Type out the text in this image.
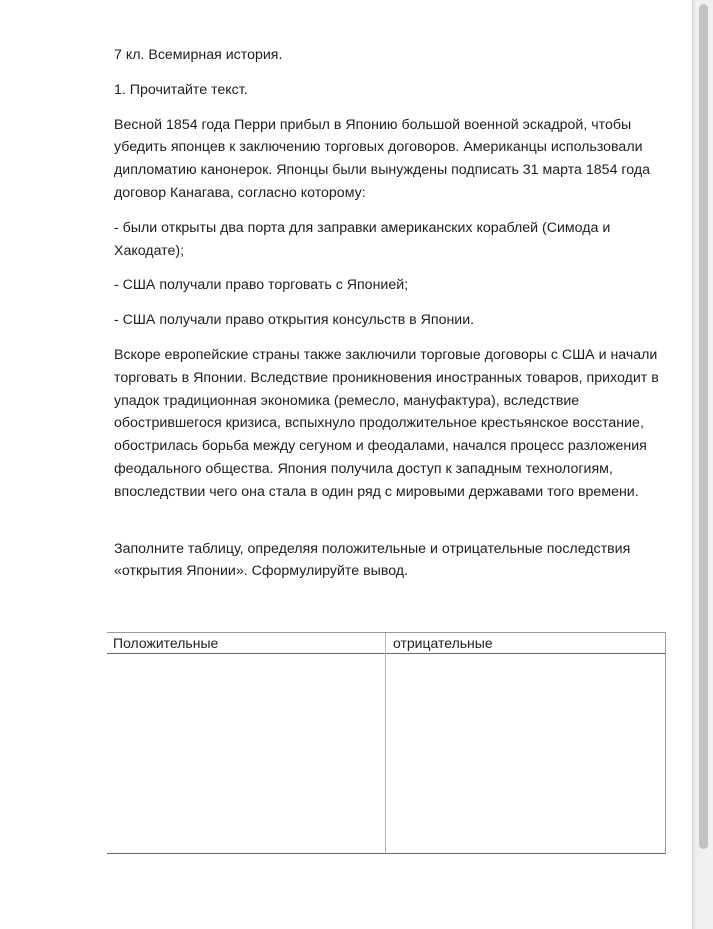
7 кл. Всемирная история.

1. Прочитайте текст.

Весной 1854 года Перри прибыл в Японию большой военной эскадрой, чтобы убедить японцев к заключению торговых договоров. Американцы использовали дипломатию канонерок. Японцы были вынуждены подписать 31 марта 1854 года договор Канагава, согласно которому:

- были открыты два порта для заправки американских кораблей (Симода и Хакодате);

- США получали право торговать с Японией;

- США получали право открытия консульств в Японии.

Вскоре европейские страны также заключили торговые договоры с США и начали торговать в Японии. Вследствие проникновения иностранных товаров, приходит в упадок традиционная экономика (ремесло, мануфактура), вследствие обострившегося кризиса, вспыхнуло продолжительное крестьянское восстание, обострилась борьба между сегуном и феодалами, начался процесс разложения феодального общества. Япония получила доступ к западным технологиям, впоследствии чего она стала в один ряд с мировыми державами того времени.

Заполните таблицу, определяя положительные и отрицательные последствия «открытия Японии». Сформулируйте вывод.

Положительные	отрицательные
